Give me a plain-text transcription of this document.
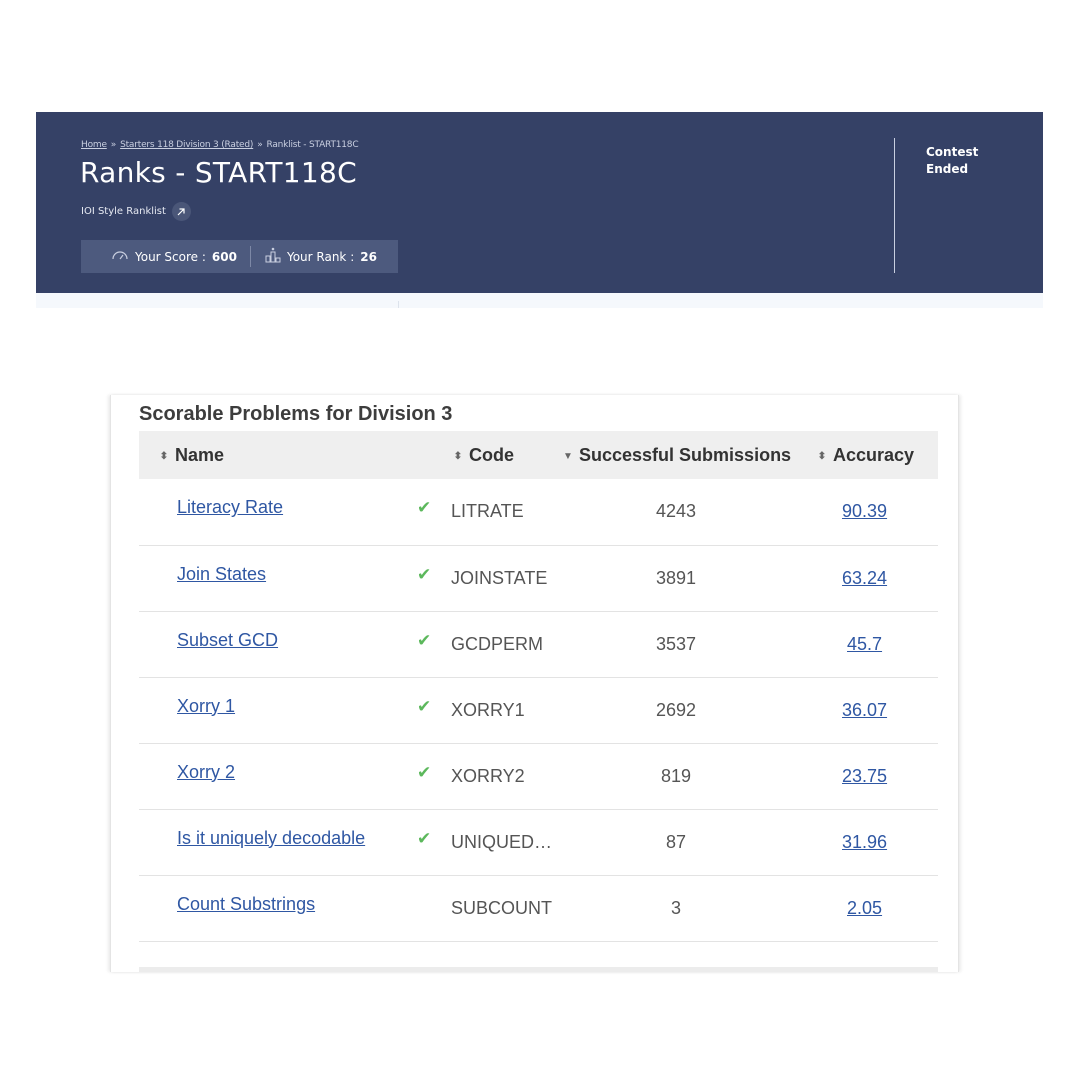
Home » Starters 118 Division 3 (Rated) » Ranklist - START118C
Ranks - START118C
IOI Style Ranklist
Your Score : 600	Your Rank : 26
Contest Ended
Scorable Problems for Division 3
⬍ Name		⬍ Code	▼ Successful Submissions	⬍ Accuracy
Literacy Rate	✔	LITRATE	4243	90.39
Join States	✔	JOINSTATE	3891	63.24
Subset GCD	✔	GCDPERM	3537	45.7
Xorry 1	✔	XORRY1	2692	36.07
Xorry 2	✔	XORRY2	819	23.75
Is it uniquely decodable	✔	UNIQUED…	87	31.96
Count Substrings		SUBCOUNT	3	2.05
